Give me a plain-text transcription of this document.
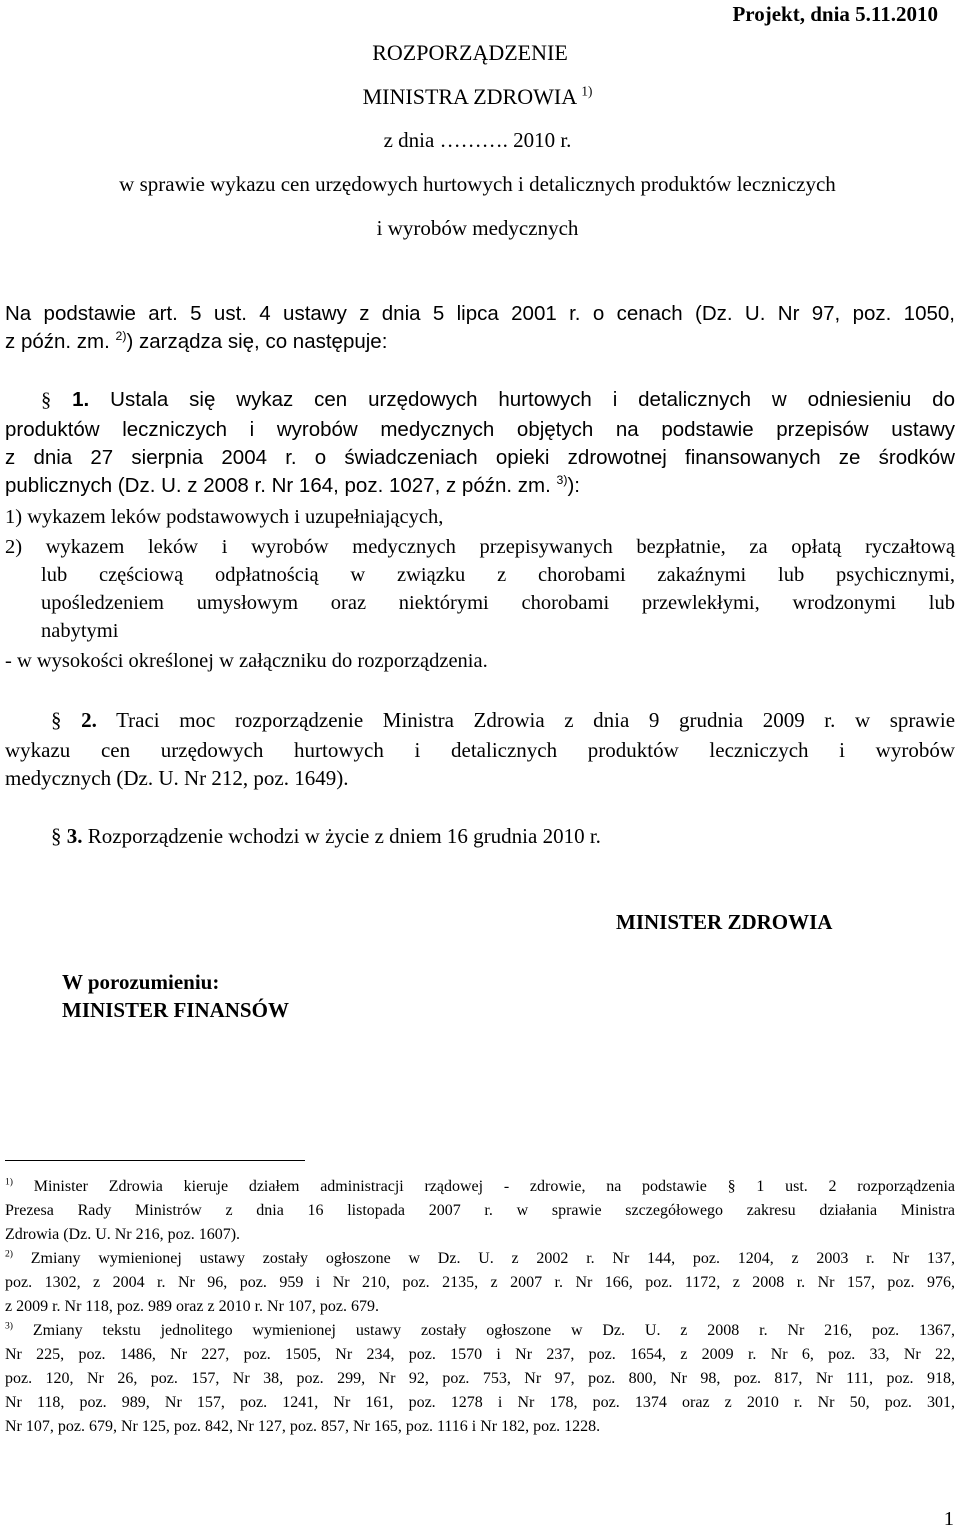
Projekt, dnia 5.11.2010
ROZPORZĄDZENIE
MINISTRA ZDROWIA $^{1)}$
z dnia ………. 2010 r.
w sprawie wykazu cen urzędowych hurtowych i detalicznych produktów leczniczych
i wyrobów medycznych
Na podstawie art. 5 ust. 4 ustawy z dnia 5 lipca 2001 r. o cenach (Dz. U. Nr 97, poz. 1050,
z późn. zm. $^{2)}$) zarządza się, co następuje:
§ 1. Ustala się wykaz cen urzędowych hurtowych i detalicznych w odniesieniu do
produktów leczniczych i wyrobów medycznych objętych na podstawie przepisów ustawy
z dnia 27 sierpnia 2004 r. o świadczeniach opieki zdrowotnej finansowanych ze środków
publicznych (Dz. U. z 2008 r. Nr 164, poz. 1027, z późn. zm. $^{3)}$):
1) wykazem leków podstawowych i uzupełniających,
2) wykazem leków i wyrobów medycznych przepisywanych bezpłatnie, za opłatą ryczałtową
lub częściową odpłatnością w związku z chorobami zakaźnymi lub psychicznymi,
upośledzeniem umysłowym oraz niektórymi chorobami przewlekłymi, wrodzonymi lub
nabytymi
- w wysokości określonej w załączniku do rozporządzenia.
§ 2. Traci moc rozporządzenie Ministra Zdrowia z dnia 9 grudnia 2009 r. w sprawie
wykazu cen urzędowych hurtowych i detalicznych produktów leczniczych i wyrobów
medycznych (Dz. U. Nr 212, poz. 1649).
§ 3. Rozporządzenie wchodzi w życie z dniem 16 grudnia 2010 r.
MINISTER ZDROWIA
W porozumieniu:
MINISTER FINANSÓW
$^{1)}$ Minister Zdrowia kieruje działem administracji rządowej - zdrowie, na podstawie § 1 ust. 2 rozporządzenia
Prezesa Rady Ministrów z dnia 16 listopada 2007 r. w sprawie szczegółowego zakresu działania Ministra
Zdrowia (Dz. U. Nr 216, poz. 1607).
$^{2)}$ Zmiany wymienionej ustawy zostały ogłoszone w Dz. U. z 2002 r. Nr 144, poz. 1204, z 2003 r. Nr 137,
poz. 1302, z 2004 r. Nr 96, poz. 959 i Nr 210, poz. 2135, z 2007 r. Nr 166, poz. 1172, z 2008 r. Nr 157, poz. 976,
z 2009 r. Nr 118, poz. 989 oraz z 2010 r. Nr 107, poz. 679.
$^{3)}$ Zmiany tekstu jednolitego wymienionej ustawy zostały ogłoszone w Dz. U. z 2008 r. Nr 216, poz. 1367,
Nr 225, poz. 1486, Nr 227, poz. 1505, Nr 234, poz. 1570 i Nr 237, poz. 1654, z 2009 r. Nr 6, poz. 33, Nr 22,
poz. 120, Nr 26, poz. 157, Nr 38, poz. 299, Nr 92, poz. 753, Nr 97, poz. 800, Nr 98, poz. 817, Nr 111, poz. 918,
Nr 118, poz. 989, Nr 157, poz. 1241, Nr 161, poz. 1278 i Nr 178, poz. 1374 oraz z 2010 r. Nr 50, poz. 301,
Nr 107, poz. 679, Nr 125, poz. 842, Nr 127, poz. 857, Nr 165, poz. 1116 i Nr 182, poz. 1228.
1
